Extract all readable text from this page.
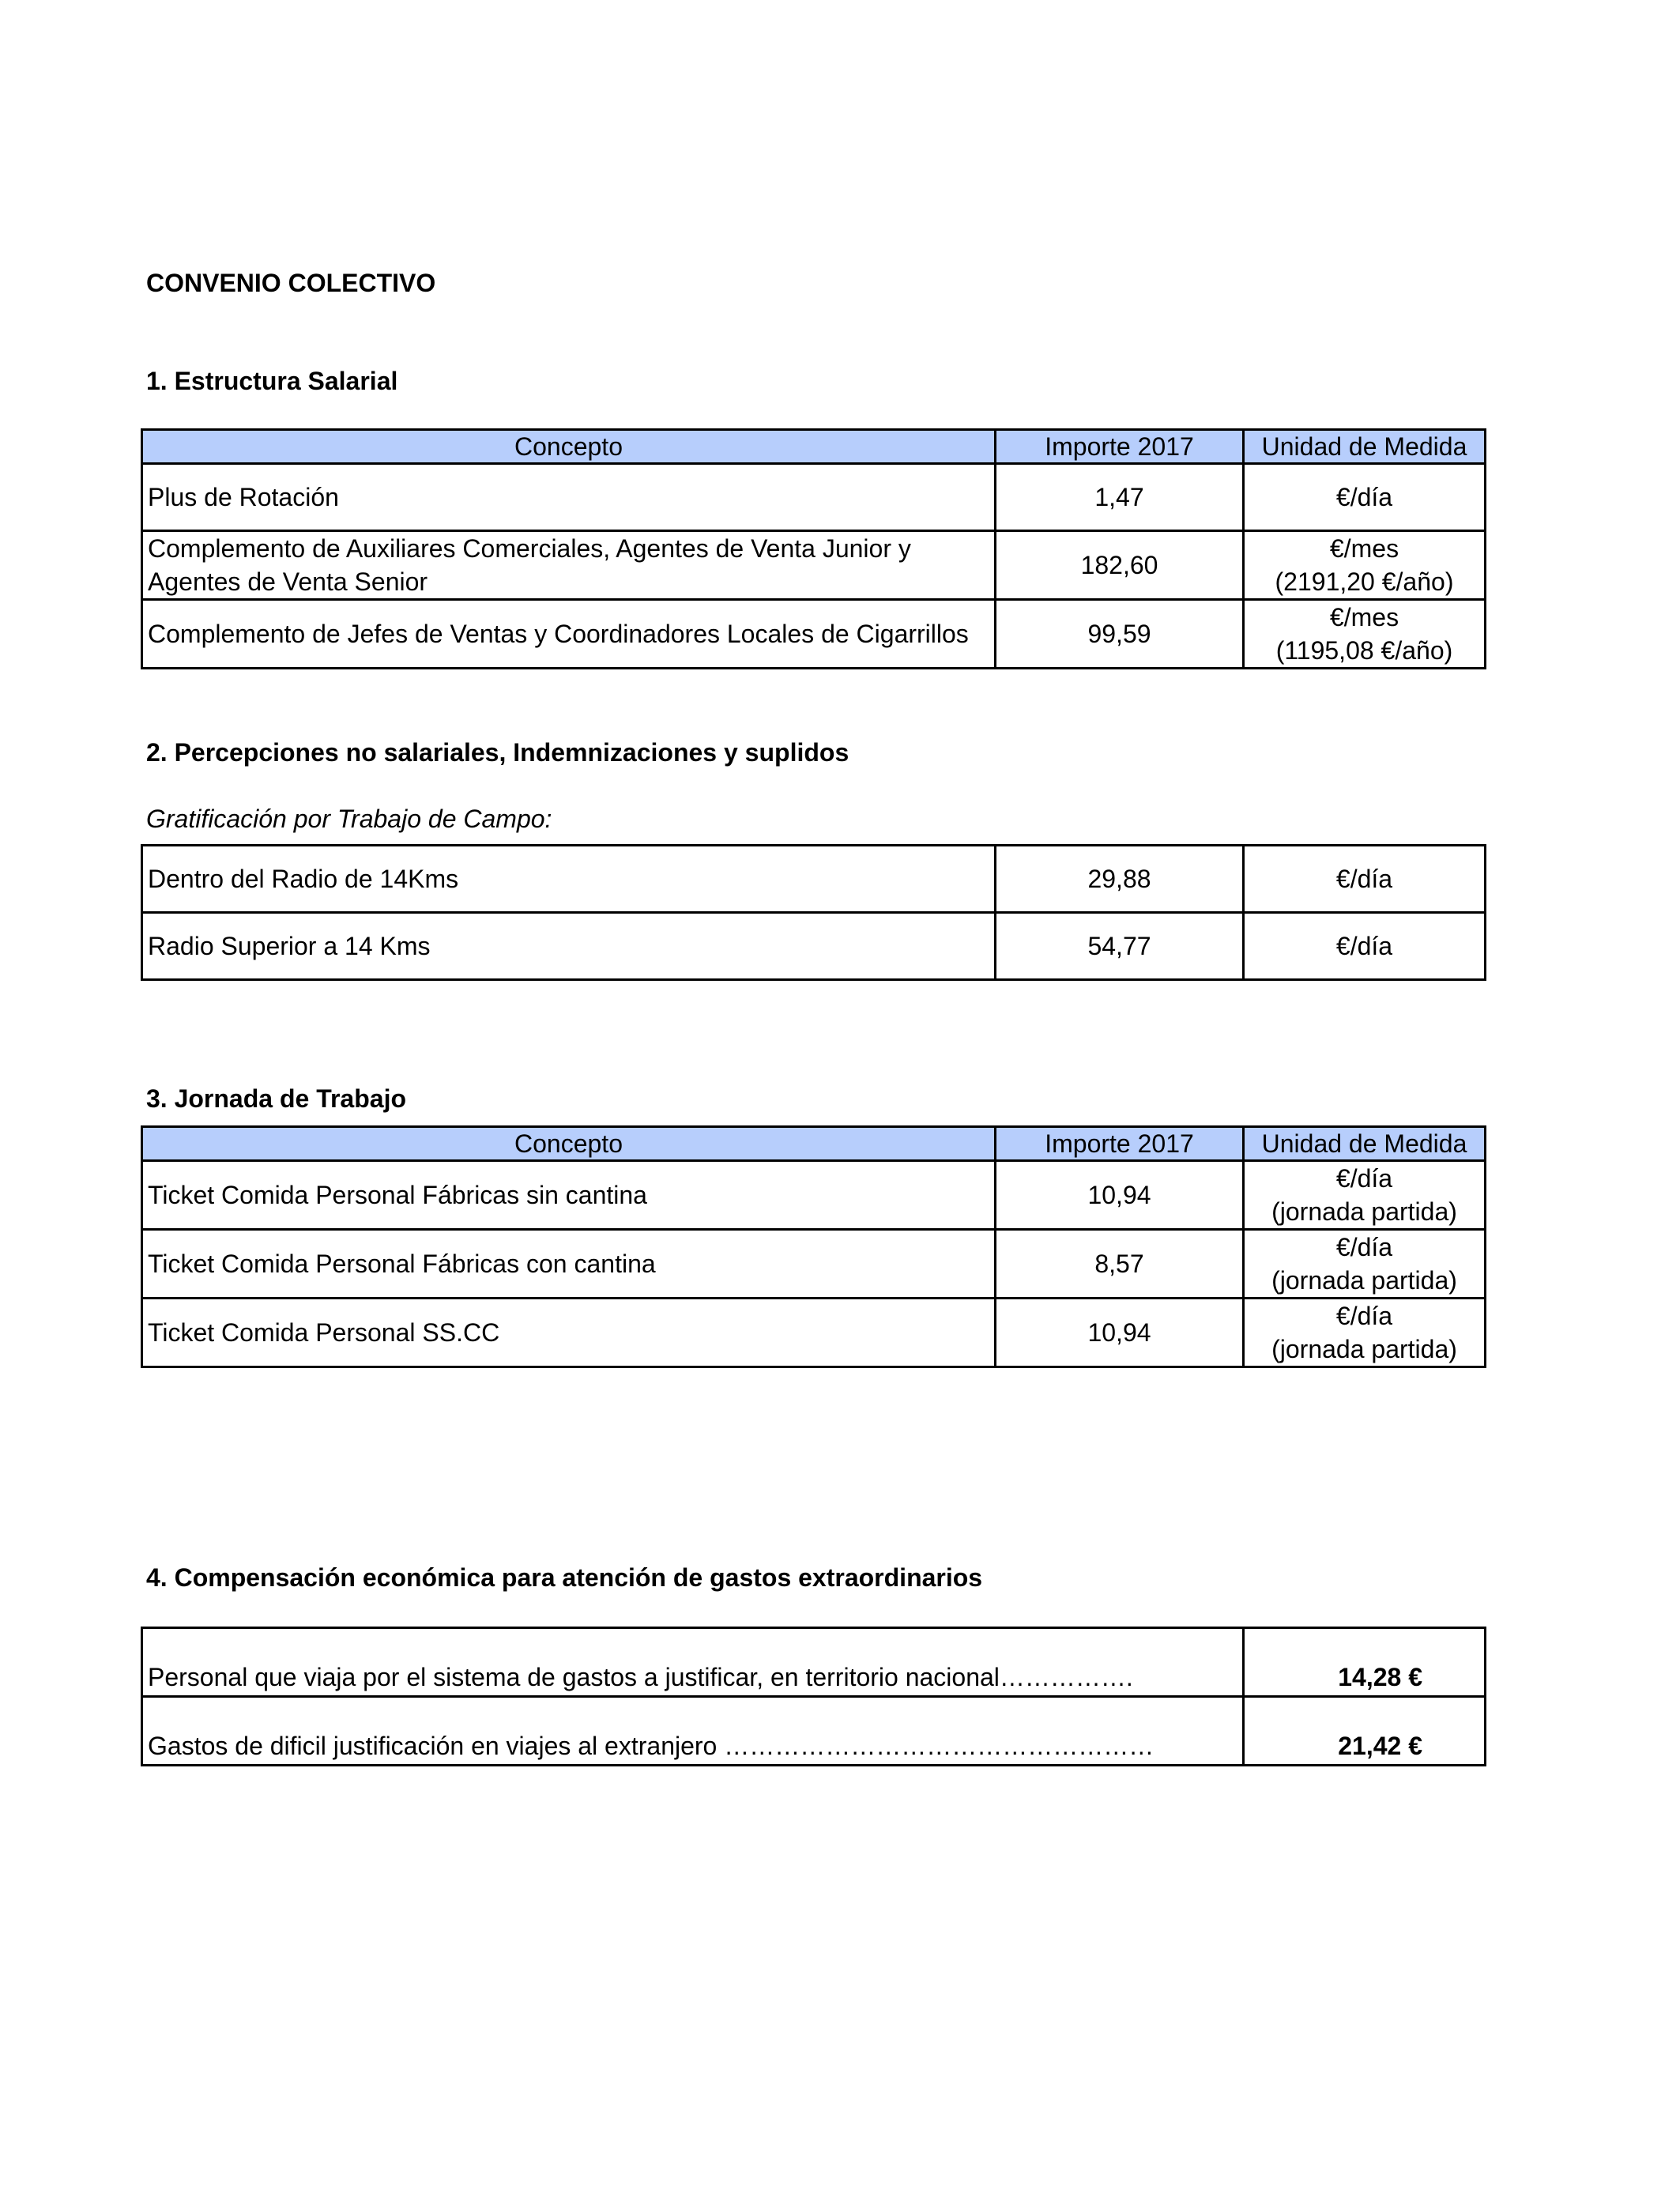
CONVENIO COLECTIVO

1. Estructura Salarial

Concepto	Importe 2017	Unidad de Medida
Plus de Rotación	1,47	€/día

Complemento de Auxiliares Comerciales, Agentes de Venta Junior y Agentes de Venta Senior	182,60	€/mes
(2191,20 €/año)

Complemento de Jefes de Ventas y Coordinadores Locales de Cigarrillos	99,59	€/mes
(1195,08 €/año)

2. Percepciones no salariales, Indemnizaciones y suplidos

Gratificación por Trabajo de Campo:

Dentro del Radio de 14Kms	29,88	€/día
Radio Superior a 14 Kms	54,77	€/día

3. Jornada de Trabajo

Concepto	Importe 2017	Unidad de Medida
Ticket Comida Personal Fábricas sin cantina	10,94	€/día
(jornada partida)

Ticket Comida Personal Fábricas con cantina	8,57	€/día
(jornada partida)

Ticket Comida Personal SS.CC	10,94	€/día
(jornada partida)

4. Compensación económica para atención de gastos extraordinarios

Personal que viaja por el sistema de gastos a justificar, en territorio nacional…………….	14,28 €
Gastos de dificil justificación en viajes al extranjero ……………………………………………	21,42 €
